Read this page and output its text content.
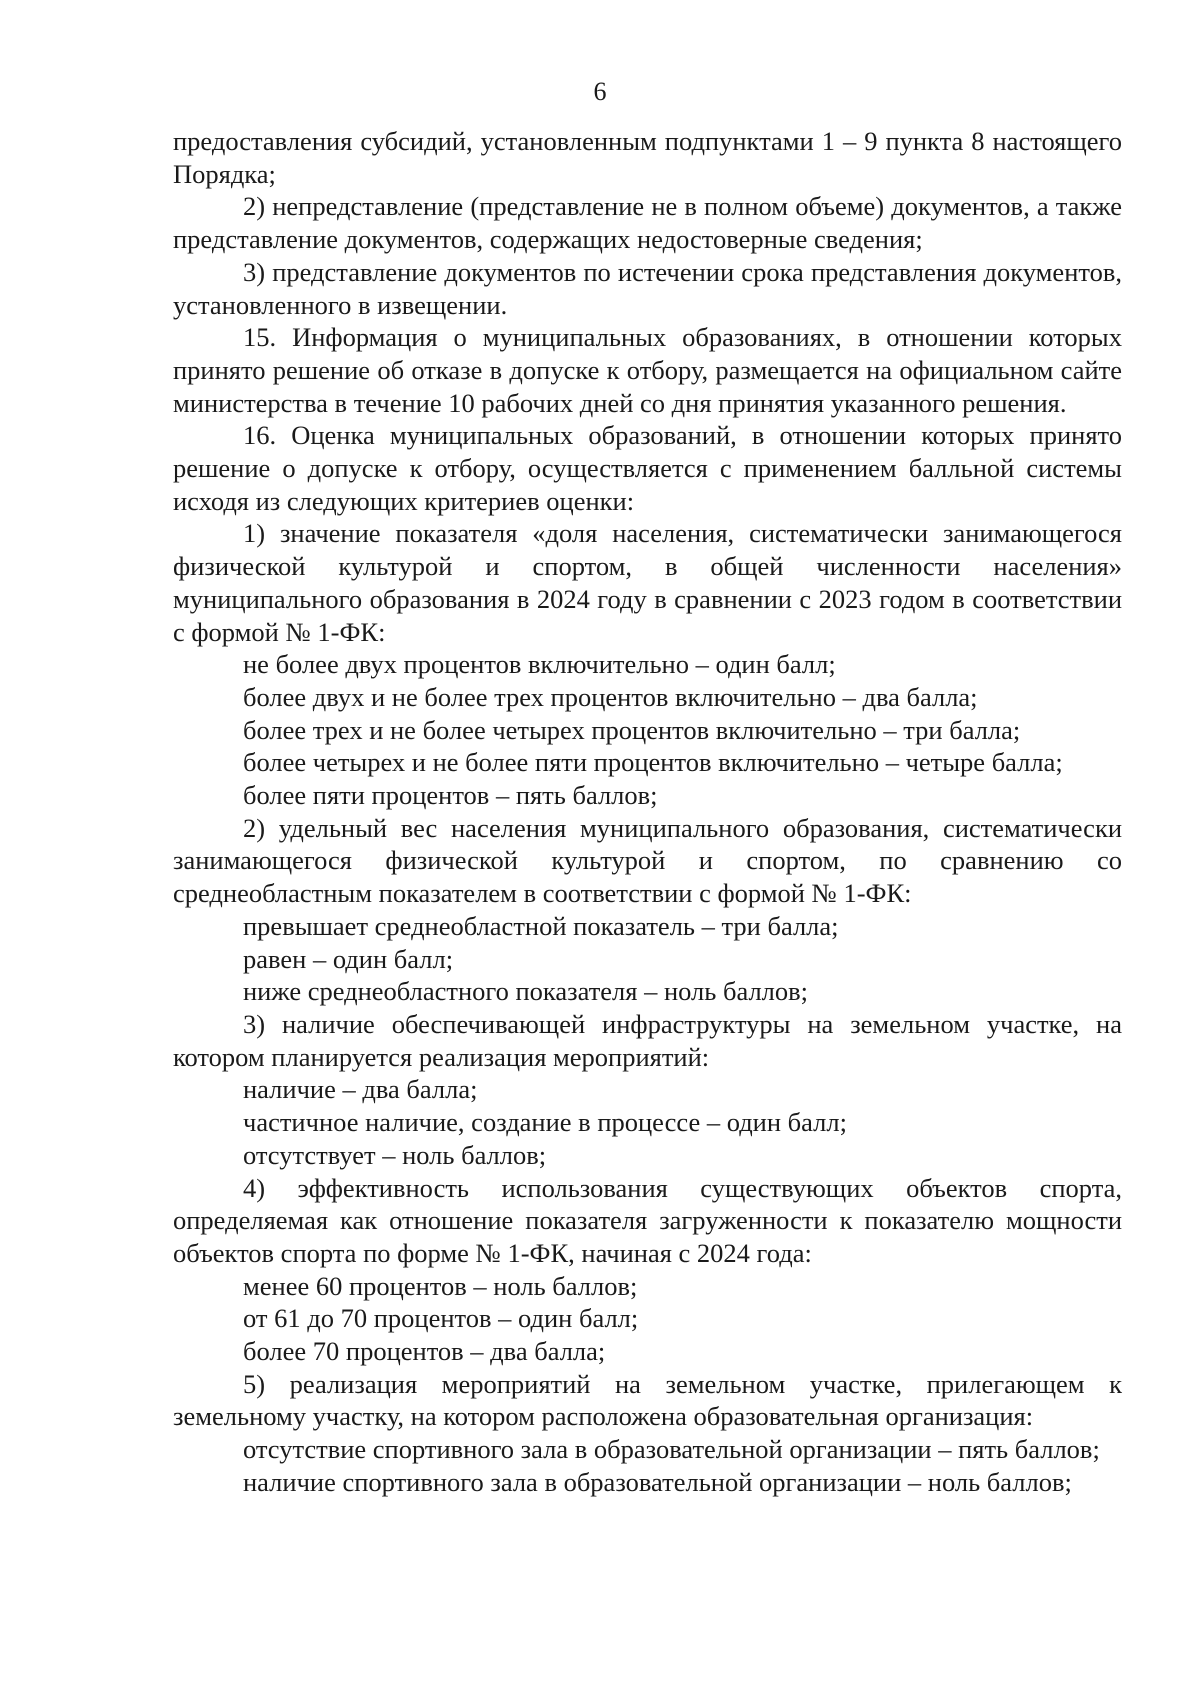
6

предоставления субсидий, установленным подпунктами 1 – 9 пункта 8 настоящего Порядка;

2) непредставление (представление не в полном объеме) документов, а также представление документов, содержащих недостоверные сведения;

3) представление документов по истечении срока представления документов, установленного в извещении.

15. Информация о муниципальных образованиях, в отношении которых принято решение об отказе в допуске к отбору, размещается на официальном сайте министерства в течение 10 рабочих дней со дня принятия указанного решения.

16. Оценка муниципальных образований, в отношении которых принято решение о допуске к отбору, осуществляется с применением балльной системы исходя из следующих критериев оценки:

1) значение показателя «доля населения, систематически занимающегося физической культурой и спортом, в общей численности населения» муниципального образования в 2024 году в сравнении с 2023 годом в соответствии с формой № 1-ФК:

не более двух процентов включительно – один балл;

более двух и не более трех процентов включительно – два балла;

более трех и не более четырех процентов включительно – три балла;

более четырех и не более пяти процентов включительно – четыре балла;

более пяти процентов – пять баллов;

2) удельный вес населения муниципального образования, систематически занимающегося физической культурой и спортом, по сравнению со среднеобластным показателем в соответствии с формой № 1-ФК:

превышает среднеобластной показатель – три балла;

равен – один балл;

ниже среднеобластного показателя – ноль баллов;

3) наличие обеспечивающей инфраструктуры на земельном участке, на котором планируется реализация мероприятий:

наличие – два балла;

частичное наличие, создание в процессе – один балл;

отсутствует – ноль баллов;

4) эффективность использования существующих объектов спорта, определяемая как отношение показателя загруженности к показателю мощности объектов спорта по форме № 1-ФК, начиная с 2024 года:

менее 60 процентов – ноль баллов;

от 61 до 70 процентов – один балл;

более 70 процентов – два балла;

5) реализация мероприятий на земельном участке, прилегающем к земельному участку, на котором расположена образовательная организация:

отсутствие спортивного зала в образовательной организации – пять баллов;

наличие спортивного зала в образовательной организации – ноль баллов;
